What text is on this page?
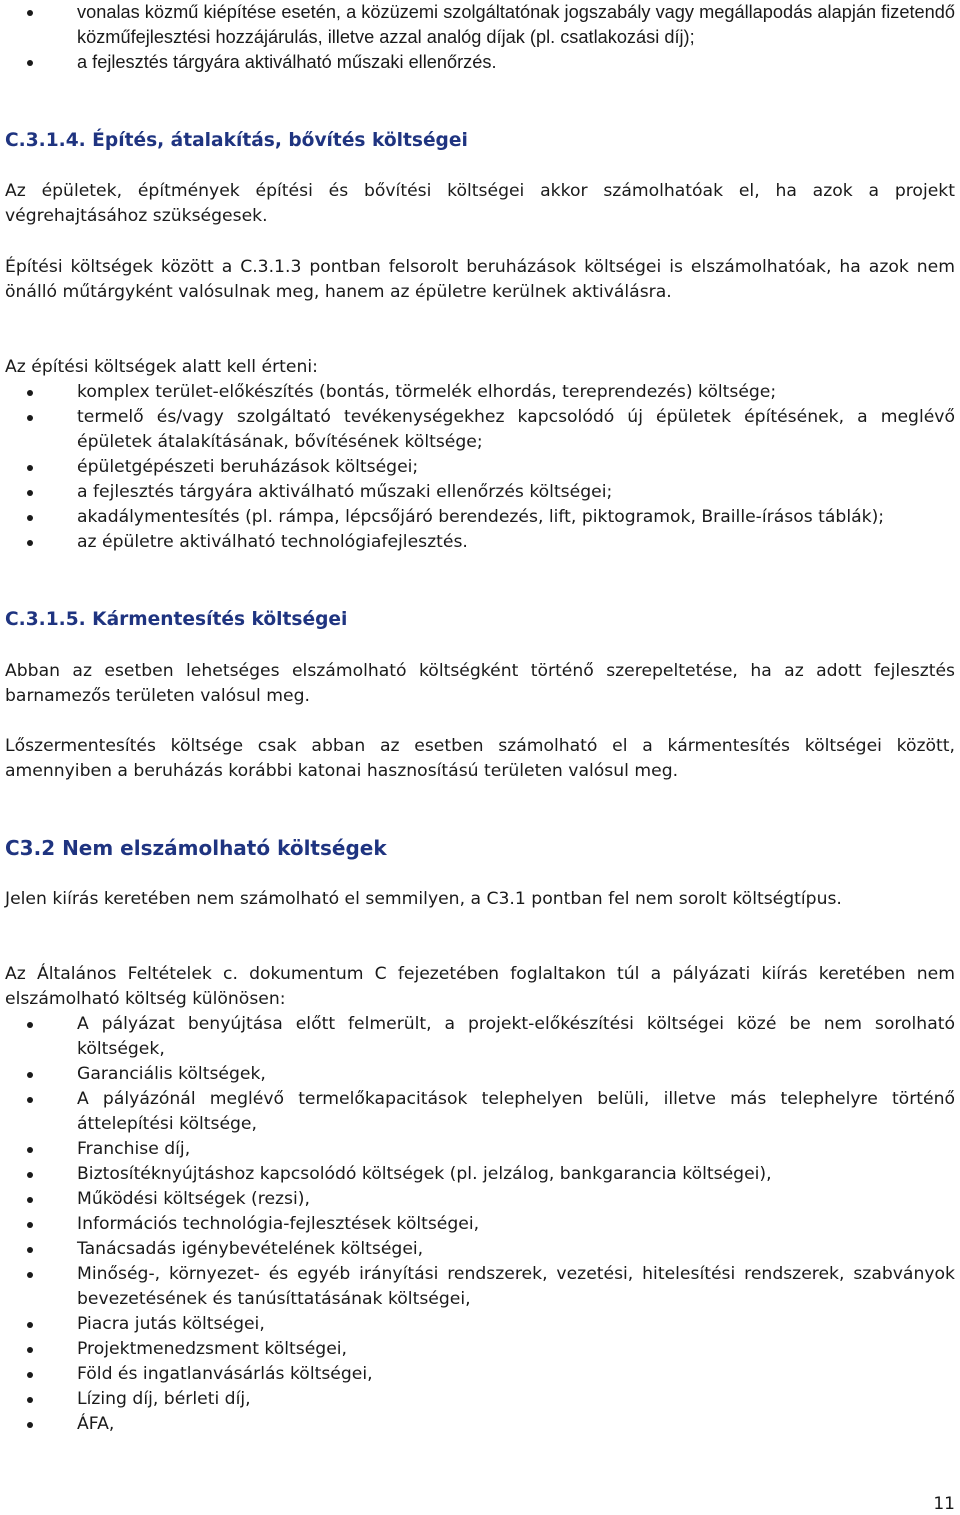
vonalas közmű kiépítése esetén, a közüzemi szolgáltatónak jogszabály vagy megállapodás alapján fizetendő közműfejlesztési hozzájárulás, illetve azzal analóg díjak (pl. csatlakozási díj);
a fejlesztés tárgyára aktiválható műszaki ellenőrzés.
C.3.1.4. Építés, átalakítás, bővítés költségei

Az épületek, építmények építési és bővítési költségei akkor számolhatóak el, ha azok a projekt végrehajtásához szükségesek.

Építési költségek között a C.3.1.3 pontban felsorolt beruházások költségei is elszámolhatóak, ha azok nem önálló műtárgyként valósulnak meg, hanem az épületre kerülnek aktiválásra.

Az építési költségek alatt kell érteni:

komplex terület-előkészítés (bontás, törmelék elhordás, tereprendezés) költsége;
termelő és/vagy szolgáltató tevékenységekhez kapcsolódó új épületek építésének, a meglévő épületek átalakításának, bővítésének költsége;
épületgépészeti beruházások költségei;
a fejlesztés tárgyára aktiválható műszaki ellenőrzés költségei;
akadálymentesítés (pl. rámpa, lépcsőjáró berendezés, lift, piktogramok, Braille-írásos táblák);
az épületre aktiválható technológiafejlesztés.
C.3.1.5. Kármentesítés költségei

Abban az esetben lehetséges elszámolható költségként történő szerepeltetése, ha az adott fejlesztés barnamezős területen valósul meg.

Lőszermentesítés költsége csak abban az esetben számolható el a kármentesítés költségei között, amennyiben a beruházás korábbi katonai hasznosítású területen valósul meg.

C3.2 Nem elszámolható költségek

Jelen kiírás keretében nem számolható el semmilyen, a C3.1 pontban fel nem sorolt költségtípus.

Az Általános Feltételek c. dokumentum C fejezetében foglaltakon túl a pályázati kiírás keretében nem elszámolható költség különösen:

A pályázat benyújtása előtt felmerült, a projekt-előkészítési költségei közé be nem sorolható költségek,
Garanciális költségek,
A pályázónál meglévő termelőkapacitások telephelyen belüli, illetve más telephelyre történő áttelepítési költsége,
Franchise díj,
Biztosítéknyújtáshoz kapcsolódó költségek (pl. jelzálog, bankgarancia költségei),
Működési költségek (rezsi),
Információs technológia-fejlesztések költségei,
Tanácsadás igénybevételének költségei,
Minőség-, környezet- és egyéb irányítási rendszerek, vezetési, hitelesítési rendszerek, szabványok bevezetésének és tanúsíttatásának költségei,
Piacra jutás költségei,
Projektmenedzsment költségei,
Föld és ingatlanvásárlás költségei,
Lízing díj, bérleti díj,
ÁFA,
11
